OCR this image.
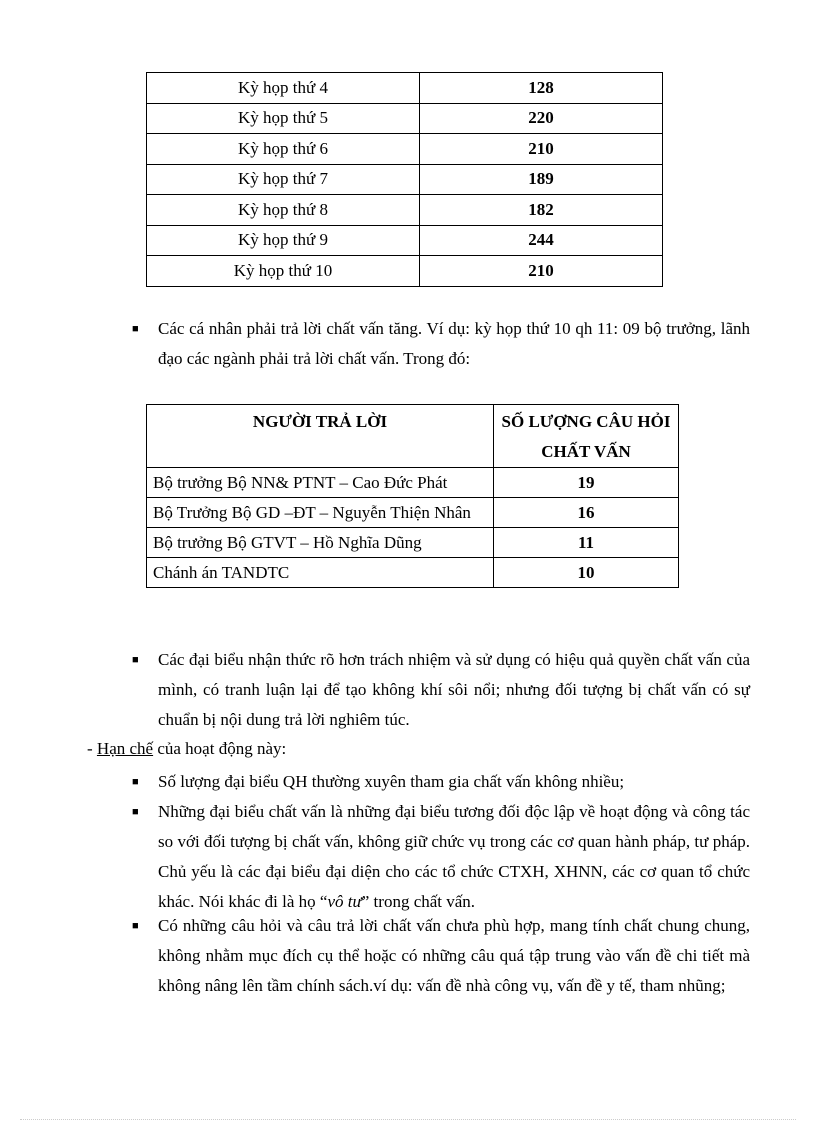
Kỳ họp thứ 4	128
Kỳ họp thứ 5	220
Kỳ họp thứ 6	210
Kỳ họp thứ 7	189
Kỳ họp thứ 8	182
Kỳ họp thứ 9	244
Kỳ họp thứ 10	210
■ Các cá nhân phải trả lời chất vấn tăng. Ví dụ: kỳ họp thứ 10 qh 11: 09 bộ trưởng, lãnh đạo các ngành phải trả lời chất vấn. Trong đó:
NGƯỜI TRẢ LỜI	SỐ LƯỢNG CÂU HỎI CHẤT VẤN
Bộ trưởng Bộ NN& PTNT – Cao Đức Phát	19
Bộ Trưởng Bộ GD –ĐT – Nguyễn Thiện Nhân	16
Bộ trưởng Bộ GTVT – Hồ Nghĩa Dũng	11
Chánh án TANDTC	10
■ Các đại biểu nhận thức rõ hơn trách nhiệm và sử dụng có hiệu quả quyền chất vấn của mình, có tranh luận lại để tạo không khí sôi nổi; nhưng đối tượng bị chất vấn có sự chuẩn bị nội dung trả lời nghiêm túc.
- Hạn chế của hoạt động này:
■ Số lượng đại biểu QH thường xuyên tham gia chất vấn không nhiều;
■ Những đại biểu chất vấn là những đại biểu tương đối độc lập về hoạt động và công tác so với đối tượng bị chất vấn, không giữ chức vụ trong các cơ quan hành pháp, tư pháp. Chủ yếu là các đại biểu đại diện cho các tổ chức CTXH, XHNN, các cơ quan tổ chức khác. Nói khác đi là họ “vô tư” trong chất vấn.
■ Có những câu hỏi và câu trả lời chất vấn chưa phù hợp, mang tính chất chung chung, không nhằm mục đích cụ thể hoặc có những câu quá tập trung vào vấn đề chi tiết mà không nâng lên tầm chính sách.ví dụ: vấn đề nhà công vụ, vấn đề y tế, tham nhũng;
